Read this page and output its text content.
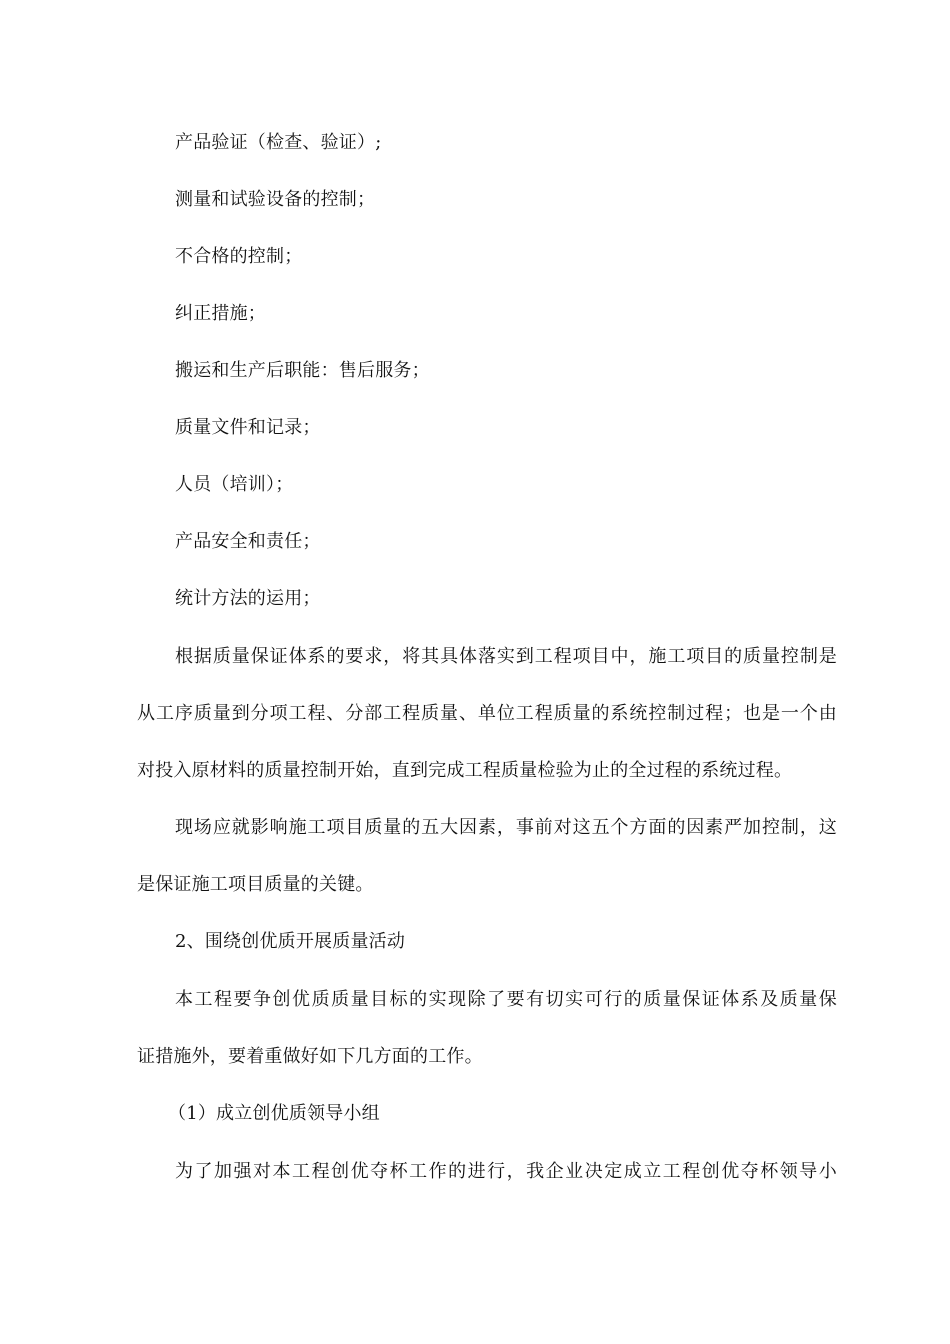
产品验证（检查、验证）;
测量和试验设备的控制；
不合格的控制；
纠正措施；
搬运和生产后职能：售后服务；
质量文件和记录；
人员（培训）；
产品安全和责任；
统计方法的运用；
根据质量保证体系的要求，将其具体落实到工程项目中，施工项目的质量控制是
从工序质量到分项工程、分部工程质量、单位工程质量的系统控制过程；也是一个由
对投入原材料的质量控制开始，直到完成工程质量检验为止的全过程的系统过程。
现场应就影响施工项目质量的五大因素，事前对这五个方面的因素严加控制，这
是保证施工项目质量的关键。
2、围绕创优质开展质量活动
本工程要争创优质质量目标的实现除了要有切实可行的质量保证体系及质量保
证措施外，要着重做好如下几方面的工作。
（1）成立创优质领导小组
为了加强对本工程创优夺杯工作的进行，我企业决定成立工程创优夺杯领导小
